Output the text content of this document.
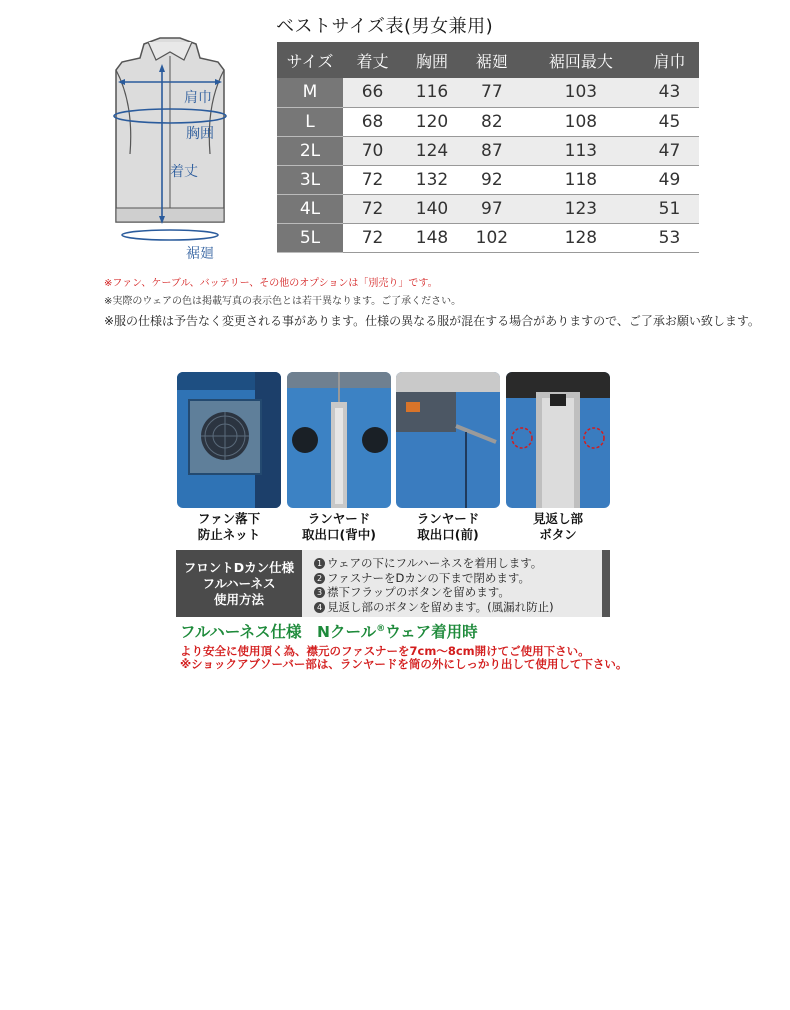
ベストサイズ表(男女兼用)
肩巾
胸囲
着丈
裾廻
サイズ	着丈	胸囲	裾廻	裾回最大	肩巾
M	66	116	77	103	43
L	68	120	82	108	45
2L	70	124	87	113	47
3L	72	132	92	118	49
4L	72	140	97	123	51
5L	72	148	102	128	53
※ファン、ケーブル、バッテリー、その他のオプションは「別売り」です。
※実際のウェアの色は掲載写真の表示色とは若干異なります。ご了承ください。
※服の仕様は予告なく変更される事があります。仕様の異なる服が混在する場合がありますので、ご了承お願い致します。
ファン落下
防止ネット
ランヤード
取出口(背中)
ランヤード
取出口(前)
見返し部
ボタン
フロントDカン仕様
フルハーネス
使用方法
1 ウェアの下にフルハーネスを着用します。
2 ファスナーをDカンの下まで閉めます。
3 襟下フラップのボタンを留めます。
4 見返し部のボタンを留めます。(風漏れ防止)
フルハーネス仕様　Nクール®ウェア着用時
より安全に使用頂く為、襟元のファスナーを7cm〜8cm開けてご使用下さい。
※ショックアブソーバー部は、ランヤードを筒の外にしっかり出して使用して下さい。
